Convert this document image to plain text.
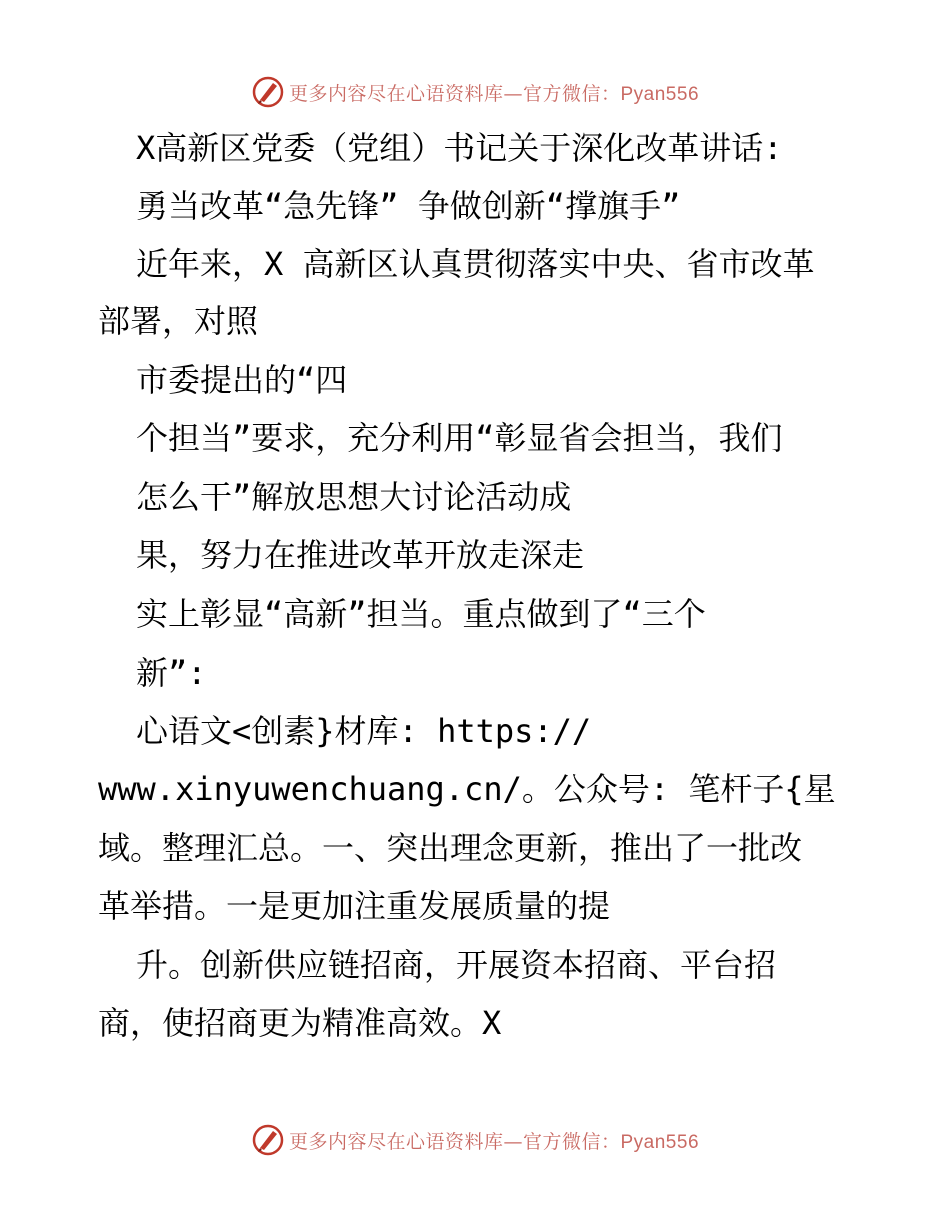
更多内容尽在心语资料库—官方微信：Pyan556
X高新区党委（党组）书记关于深化改革讲话:
勇当改革“急先锋” 争做创新“撑旗手”
近年来，X 高新区认真贯彻落实中央、省市改革
部署，对照
市委提出的“四
个担当”要求，充分利用“彰显省会担当，我们
怎么干”解放思想大讨论活动成
果，努力在推进改革开放走深走
实上彰显“高新”担当。重点做到了“三个
新”:
心语文<创素}材库: https://
www.xinyuwenchuang.cn/。公众号: 笔杆子{星
域。整理汇总。一、突出理念更新，推出了一批改
革举措。一是更加注重发展质量的提
升。创新供应链招商，开展资本招商、平台招
商，使招商更为精准高效。X
更多内容尽在心语资料库—官方微信：Pyan556
